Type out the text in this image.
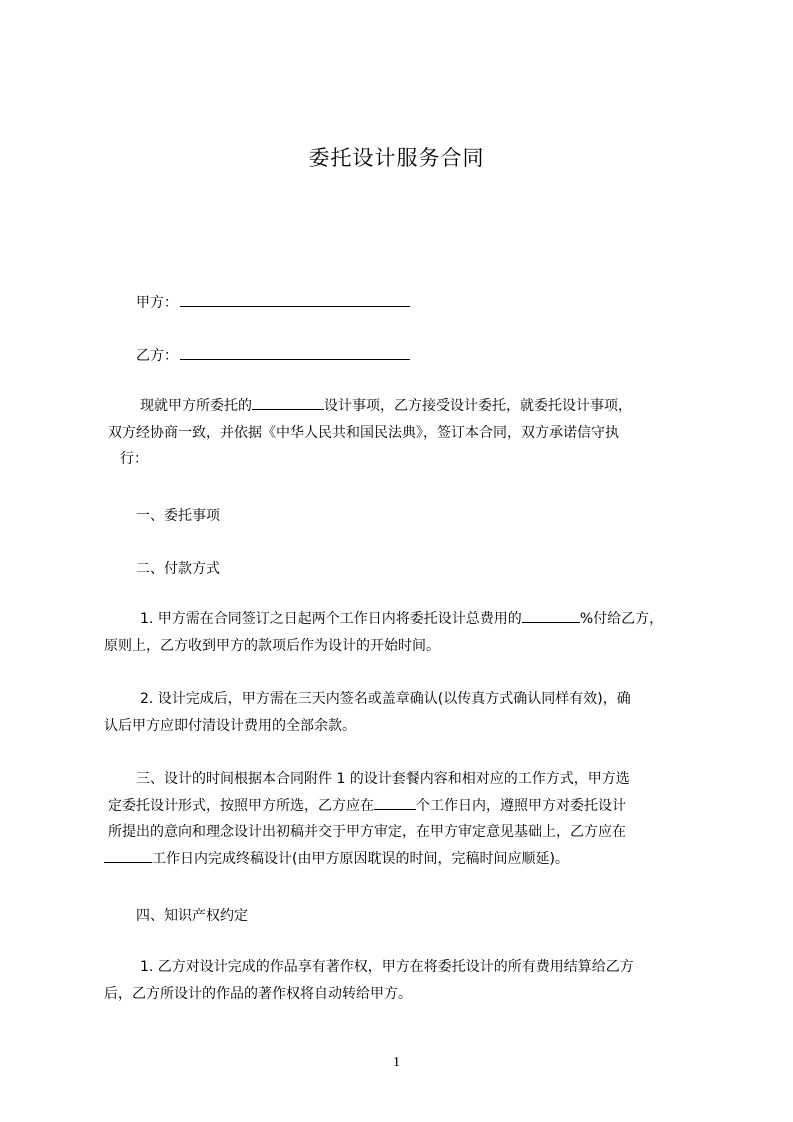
委托设计服务合同
甲方：
乙方：
现就甲方所委托的	设计事项，乙方接受设计委托，就委托设计事项，
双方经协商一致，并依据《中华人民共和国民法典》，签订本合同，双方承诺信守执
行：
一、委托事项
二、付款方式
1. 甲方需在合同签订之日起两个工作日内将委托设计总费用的	%付给乙方，
原则上，乙方收到甲方的款项后作为设计的开始时间。
2. 设计完成后，甲方需在三天内签名或盖章确认(以传真方式确认同样有效)，确
认后甲方应即付清设计费用的全部余款。
三、设计的时间根据本合同附件 1 的设计套餐内容和相对应的工作方式，甲方选
定委托设计形式，按照甲方所选，乙方应在	个工作日内，遵照甲方对委托设计
所提出的意向和理念设计出初稿并交于甲方审定，在甲方审定意见基础上，乙方应在
工作日内完成终稿设计(由甲方原因耽误的时间，完稿时间应顺延)。
四、知识产权约定
1. 乙方对设计完成的作品享有著作权，甲方在将委托设计的所有费用结算给乙方
后，乙方所设计的作品的著作权将自动转给甲方。
1
